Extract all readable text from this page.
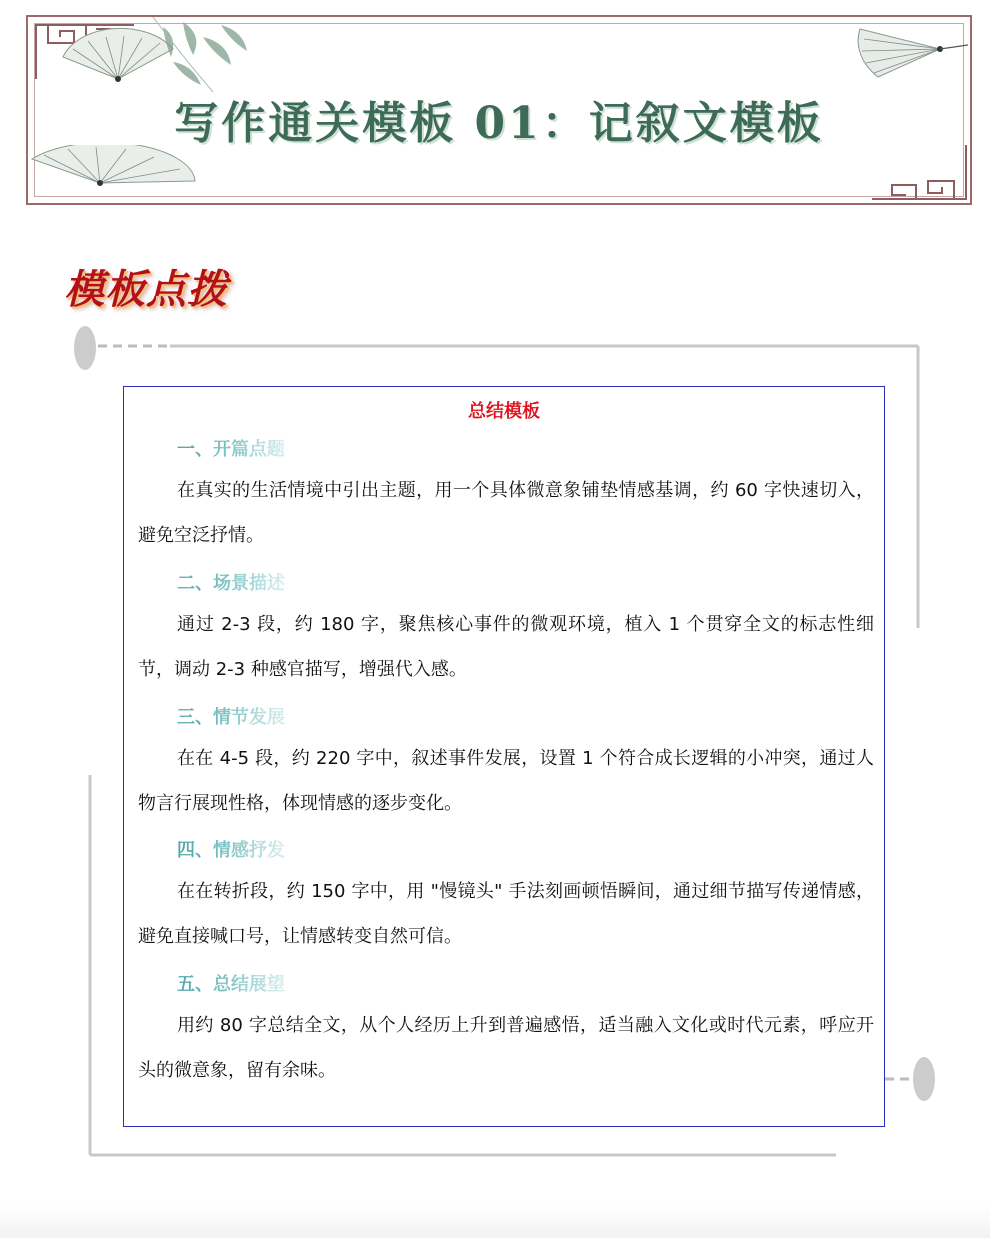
写作通关模板 01：记叙文模板
模板点拨
总结模板
一、开篇点题
在真实的生活情境中引出主题，用一个具体微意象铺垫情感基调，约 60 字快速切入，避免空泛抒情。
二、场景描述
通过 2-3 段，约 180 字，聚焦核心事件的微观环境，植入 1 个贯穿全文的标志性细节，调动 2-3 种感官描写，增强代入感。
三、情节发展
在在 4-5 段，约 220 字中，叙述事件发展，设置 1 个符合成长逻辑的小冲突，通过人物言行展现性格，体现情感的逐步变化。
四、情感抒发
在在转折段，约 150 字中，用 "慢镜头" 手法刻画顿悟瞬间，通过细节描写传递情感，避免直接喊口号，让情感转变自然可信。
五、总结展望
用约 80 字总结全文，从个人经历上升到普遍感悟，适当融入文化或时代元素，呼应开头的微意象，留有余味。
